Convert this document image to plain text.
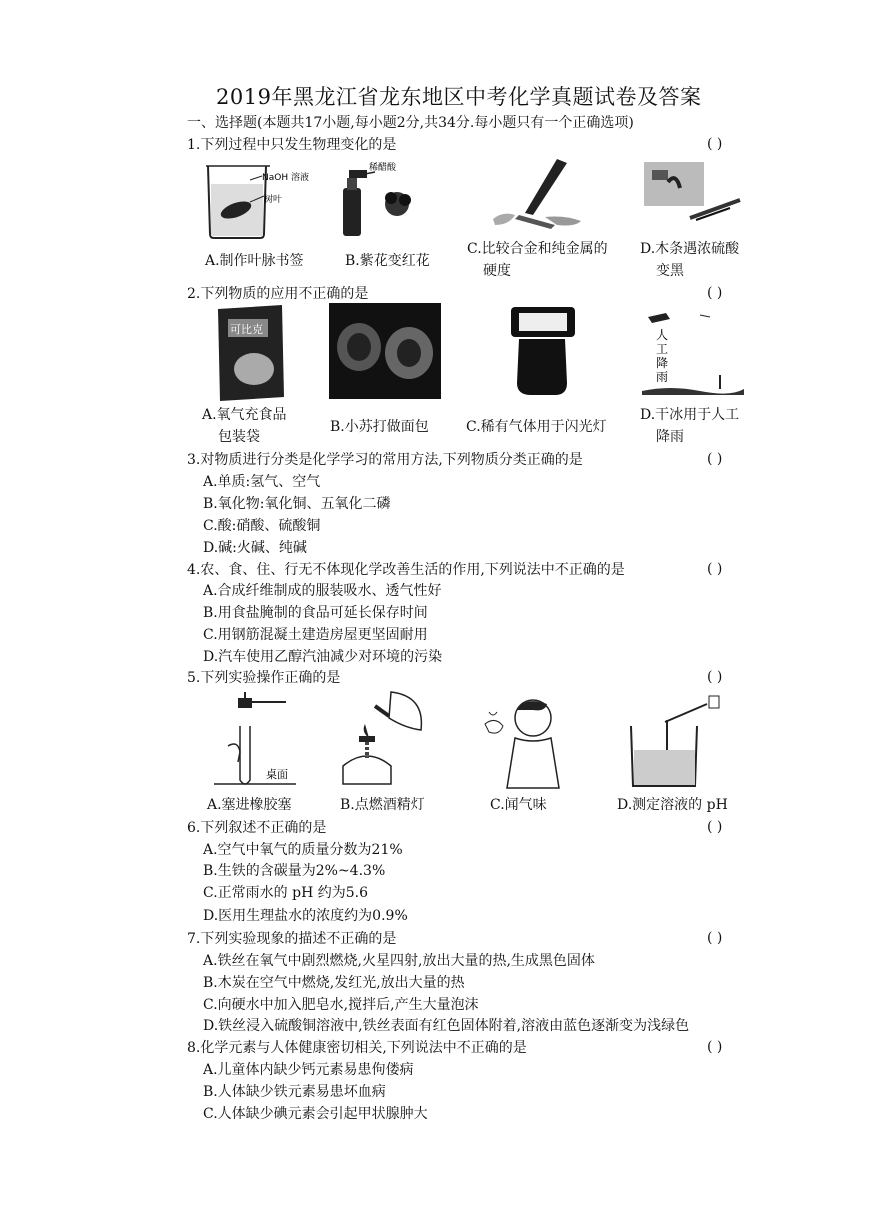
2019年黑龙江省龙东地区中考化学真题试卷及答案
一、选择题(本题共17小题,每小题2分,共34分.每小题只有一个正确选项)
1.下列过程中只发生物理变化的是	( )
NaOH 溶液
树叶
稀醋酸
A.制作叶脉书签	B.紫花变红花
C.比较合金和纯金属的
硬度
D.木条遇浓硫酸
变黑
2.下列物质的应用不正确的是	( )
可比克	人
工
降
雨
A.氧气充食品
包装袋
B.小苏打做面包	C.稀有气体用于闪光灯
D.干冰用于人工
降雨
3.对物质进行分类是化学学习的常用方法,下列物质分类正确的是	( )
A.单质:氢气、空气
B.氧化物:氧化铜、五氧化二磷
C.酸:硝酸、硫酸铜
D.碱:火碱、纯碱
4.农、食、住、行无不体现化学改善生活的作用,下列说法中不正确的是	( )
A.合成纤维制成的服装吸水、透气性好
B.用食盐腌制的食品可延长保存时间
C.用钢筋混凝土建造房屋更坚固耐用
D.汽车使用乙醇汽油减少对环境的污染
5.下列实验操作正确的是	( )
桌面
A.塞进橡胶塞	B.点燃酒精灯	C.闻气味	D.测定溶液的 pH
6.下列叙述不正确的是	( )
A.空气中氧气的质量分数为21%
B.生铁的含碳量为2%~4.3%
C.正常雨水的 pH 约为5.6
D.医用生理盐水的浓度约为0.9%
7.下列实验现象的描述不正确的是	( )
A.铁丝在氧气中剧烈燃烧,火星四射,放出大量的热,生成黑色固体
B.木炭在空气中燃烧,发红光,放出大量的热
C.向硬水中加入肥皂水,搅拌后,产生大量泡沫
D.铁丝浸入硫酸铜溶液中,铁丝表面有红色固体附着,溶液由蓝色逐渐变为浅绿色
8.化学元素与人体健康密切相关,下列说法中不正确的是	( )
A.儿童体内缺少钙元素易患佝偻病
B.人体缺少铁元素易患坏血病
C.人体缺少碘元素会引起甲状腺肿大
